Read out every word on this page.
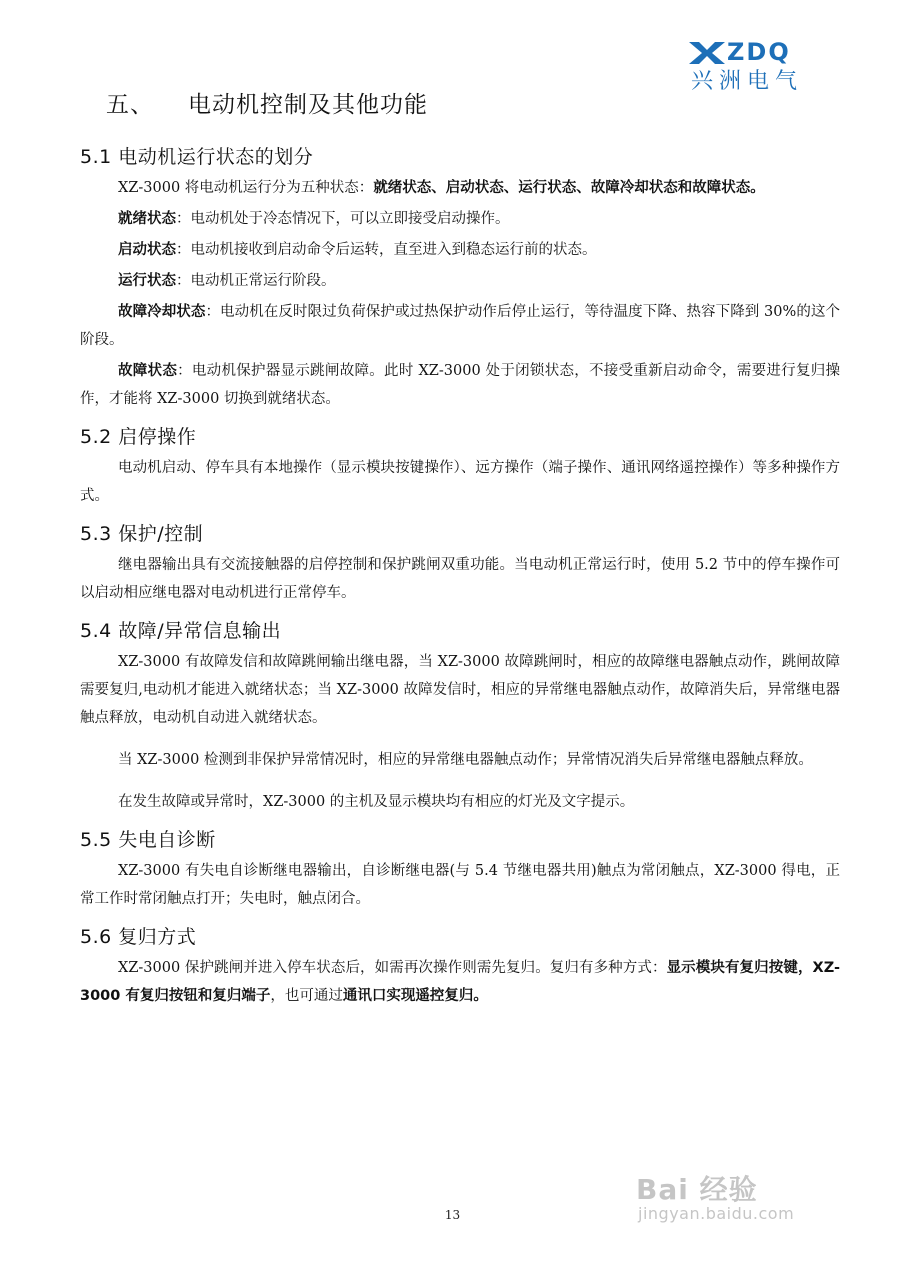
ZDQ
兴洲电气
五、 电动机控制及其他功能
5.1 电动机运行状态的划分

XZ-3000 将电动机运行分为五种状态：就绪状态、启动状态、运行状态、故障冷却状态和故障状态。

就绪状态：电动机处于冷态情况下，可以立即接受启动操作。

启动状态：电动机接收到启动命令后运转，直至进入到稳态运行前的状态。

运行状态：电动机正常运行阶段。

故障冷却状态：电动机在反时限过负荷保护或过热保护动作后停止运行，等待温度下降、热容下降到 30%的这个阶段。

故障状态：电动机保护器显示跳闸故障。此时 XZ-3000 处于闭锁状态，不接受重新启动命令，需要进行复归操作，才能将 XZ-3000 切换到就绪状态。

5.2 启停操作

电动机启动、停车具有本地操作（显示模块按键操作）、远方操作（端子操作、通讯网络遥控操作）等多种操作方式。

5.3 保护/控制

继电器输出具有交流接触器的启停控制和保护跳闸双重功能。当电动机正常运行时，使用 5.2 节中的停车操作可以启动相应继电器对电动机进行正常停车。

5.4 故障/异常信息输出

XZ-3000 有故障发信和故障跳闸输出继电器，当 XZ-3000 故障跳闸时，相应的故障继电器触点动作，跳闸故障需要复归,电动机才能进入就绪状态；当 XZ-3000 故障发信时，相应的异常继电器触点动作，故障消失后，异常继电器触点释放，电动机自动进入就绪状态。

当 XZ-3000 检测到非保护异常情况时，相应的异常继电器触点动作；异常情况消失后异常继电器触点释放。

在发生故障或异常时，XZ-3000 的主机及显示模块均有相应的灯光及文字提示。

5.5 失电自诊断

XZ-3000 有失电自诊断继电器输出，自诊断继电器(与 5.4 节继电器共用)触点为常闭触点，XZ-3000 得电，正常工作时常闭触点打开；失电时，触点闭合。

5.6 复归方式

XZ-3000 保护跳闸并进入停车状态后，如需再次操作则需先复归。复归有多种方式：显示模块有复归按键，XZ-3000 有复归按钮和复归端子，也可通过通讯口实现遥控复归。

13
Bai 经验
jingyan.baidu.com
